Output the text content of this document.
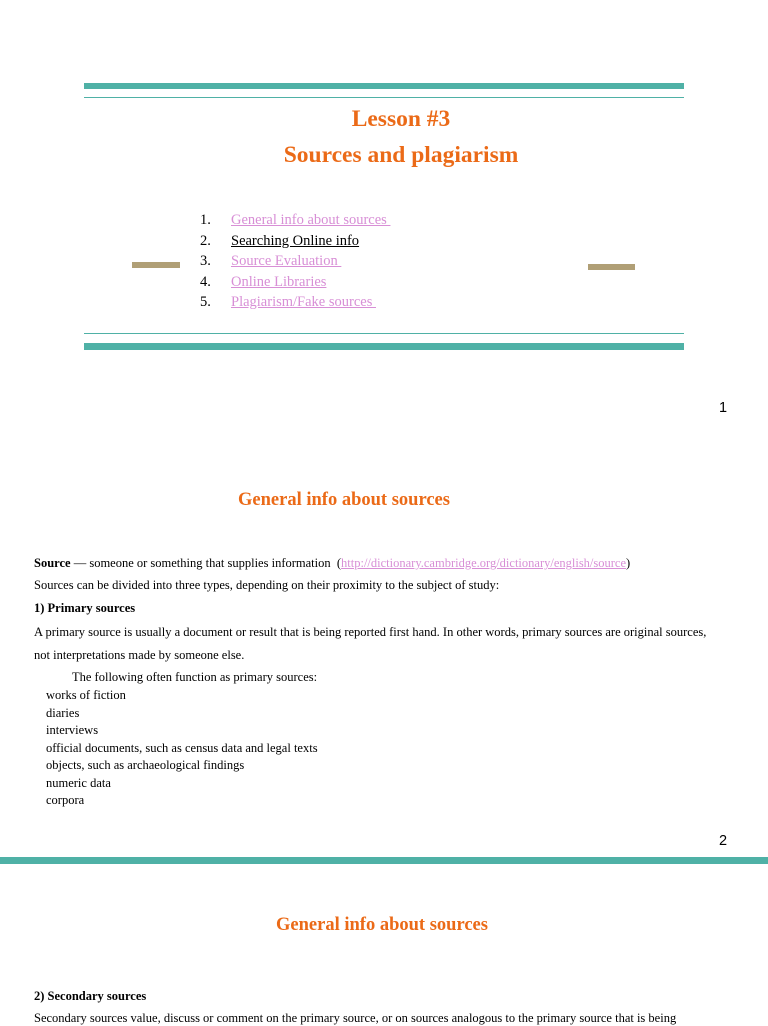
Lesson #3
Sources and plagiarism
1.	General info about sources
2.	Searching Online info
3.	Source Evaluation
4.	Online Libraries
5.	Plagiarism/Fake sources
1
General info about sources
Source — someone or something that supplies information  (http://dictionary.cambridge.org/dictionary/english/source)
Sources can be divided into three types, depending on their proximity to the subject of study:
1) Primary sources
A primary source is usually a document or result that is being reported first hand. In other words, primary sources are original sources,
not interpretations made by someone else.
The following often function as primary sources:
works of fiction
diaries
interviews
official documents, such as census data and legal texts
objects, such as archaeological findings
numeric data
corpora
2
General info about sources
2) Secondary sources
Secondary sources value, discuss or comment on the primary source, or on sources analogous to the primary source that is being
